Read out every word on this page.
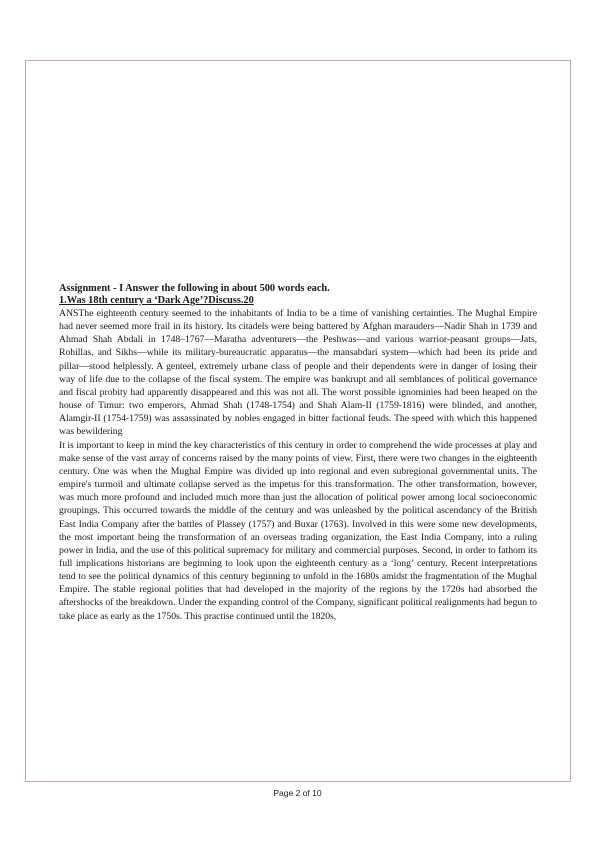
Assignment - I Answer the following in about 500 words each.

1.Was 18th century a ‘Dark Age’?Discuss.20

ANSThe eighteenth century seemed to the inhabitants of India to be a time of vanishing certainties. The Mughal Empire had never seemed more frail in its history. Its citadels were being battered by Afghan marauders—Nadir Shah in 1739 and Ahmad Shah Abdali in 1748–1767—Maratha adventurers—the Peshwas—and various warrior-peasant groups—Jats, Rohillas, and Sikhs—while its military-bureaucratic apparatus—the mansabdari system—which had been its pride and pillar—stood helplessly. A genteel, extremely urbane class of people and their dependents were in danger of losing their way of life due to the collapse of the fiscal system. The empire was bankrupt and all semblances of political governance and fiscal probity had apparently disappeared and this was not all. The worst possible ignominies had been heaped on the house of Timur: two emperors, Ahmad Shah (1748-1754) and Shah Alam-II (1759-1816) were blinded, and another, Alamgir-II (1754-1759) was assassinated by nobles engaged in bitter factional feuds. The speed with which this happened was bewildering

It is important to keep in mind the key characteristics of this century in order to comprehend the wide processes at play and make sense of the vast array of concerns raised by the many points of view. First, there were two changes in the eighteenth century. One was when the Mughal Empire was divided up into regional and even subregional governmental units. The empire's turmoil and ultimate collapse served as the impetus for this transformation. The other transformation, however, was much more profound and included much more than just the allocation of political power among local socioeconomic groupings. This occurred towards the middle of the century and was unleashed by the political ascendancy of the British East India Company after the battles of Plassey (1757) and Buxar (1763). Involved in this were some new developments, the most important being the transformation of an overseas trading organization, the East India Company, into a ruling power in India, and the use of this political supremacy for military and commercial purposes. Second, in order to fathom its full implications historians are beginning to look upon the eighteenth century as a ‘long’ century. Recent interpretations tend to see the political dynamics of this century beginning to unfold in the 1680s amidst the fragmentation of the Mughal Empire. The stable regional polities that had developed in the majority of the regions by the 1720s had absorbed the aftershocks of the breakdown. Under the expanding control of the Company, significant political realignments had begun to take place as early as the 1750s. This practise continued until the 1820s,

Page 2 of 10
